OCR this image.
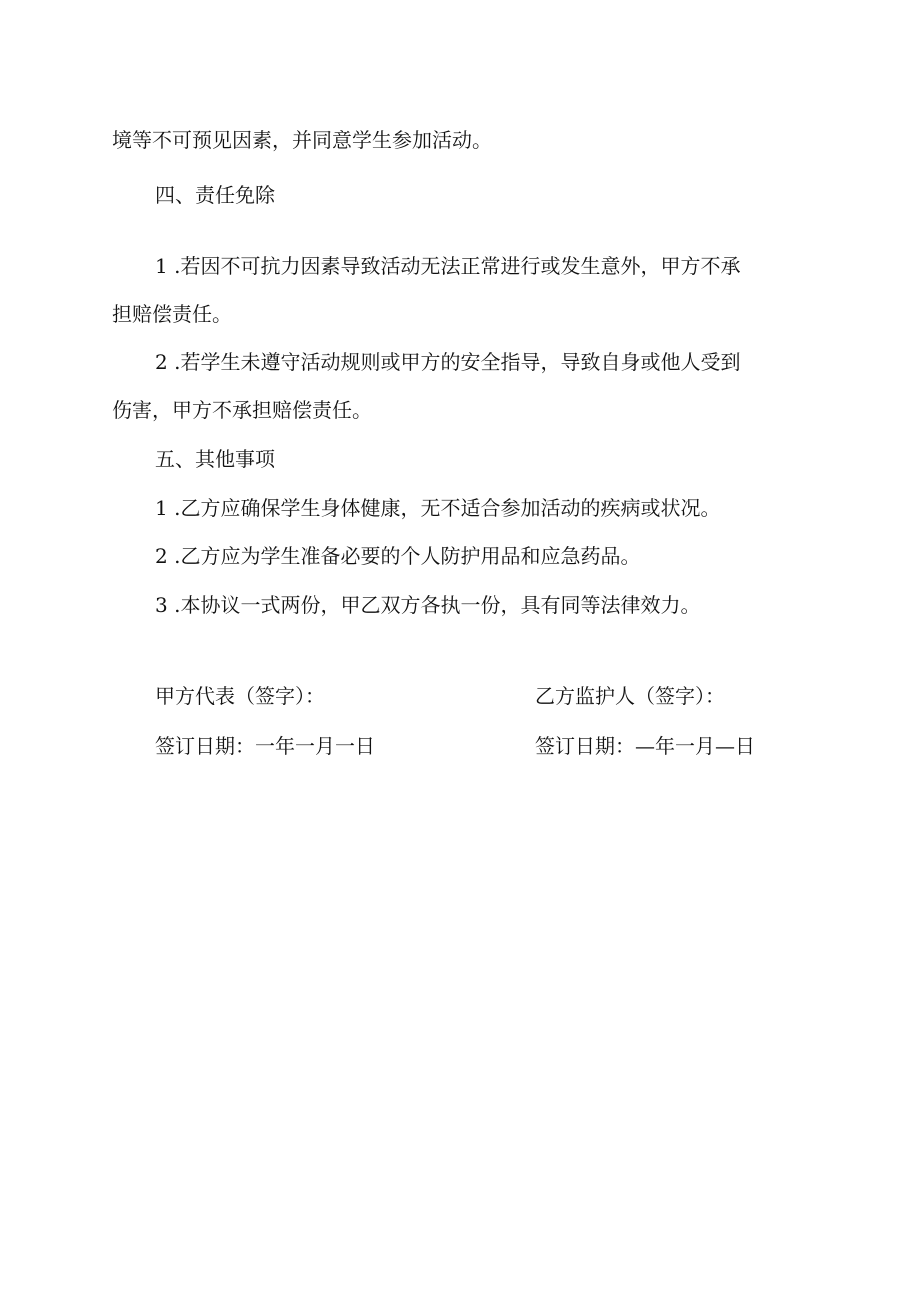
境等不可预见因素，并同意学生参加活动。
四、责任免除
1 .若因不可抗力因素导致活动无法正常进行或发生意外，甲方不承
担赔偿责任。
2 .若学生未遵守活动规则或甲方的安全指导，导致自身或他人受到
伤害，甲方不承担赔偿责任。
五、其他事项
1 .乙方应确保学生身体健康，无不适合参加活动的疾病或状况。
2 .乙方应为学生准备必要的个人防护用品和应急药品。
3 .本协议一式两份，甲乙双方各执一份，具有同等法律效力。
甲方代表（签字）：	乙方监护人（签字）：
签订日期：一年一月一日	签订日期：—年一月—日
